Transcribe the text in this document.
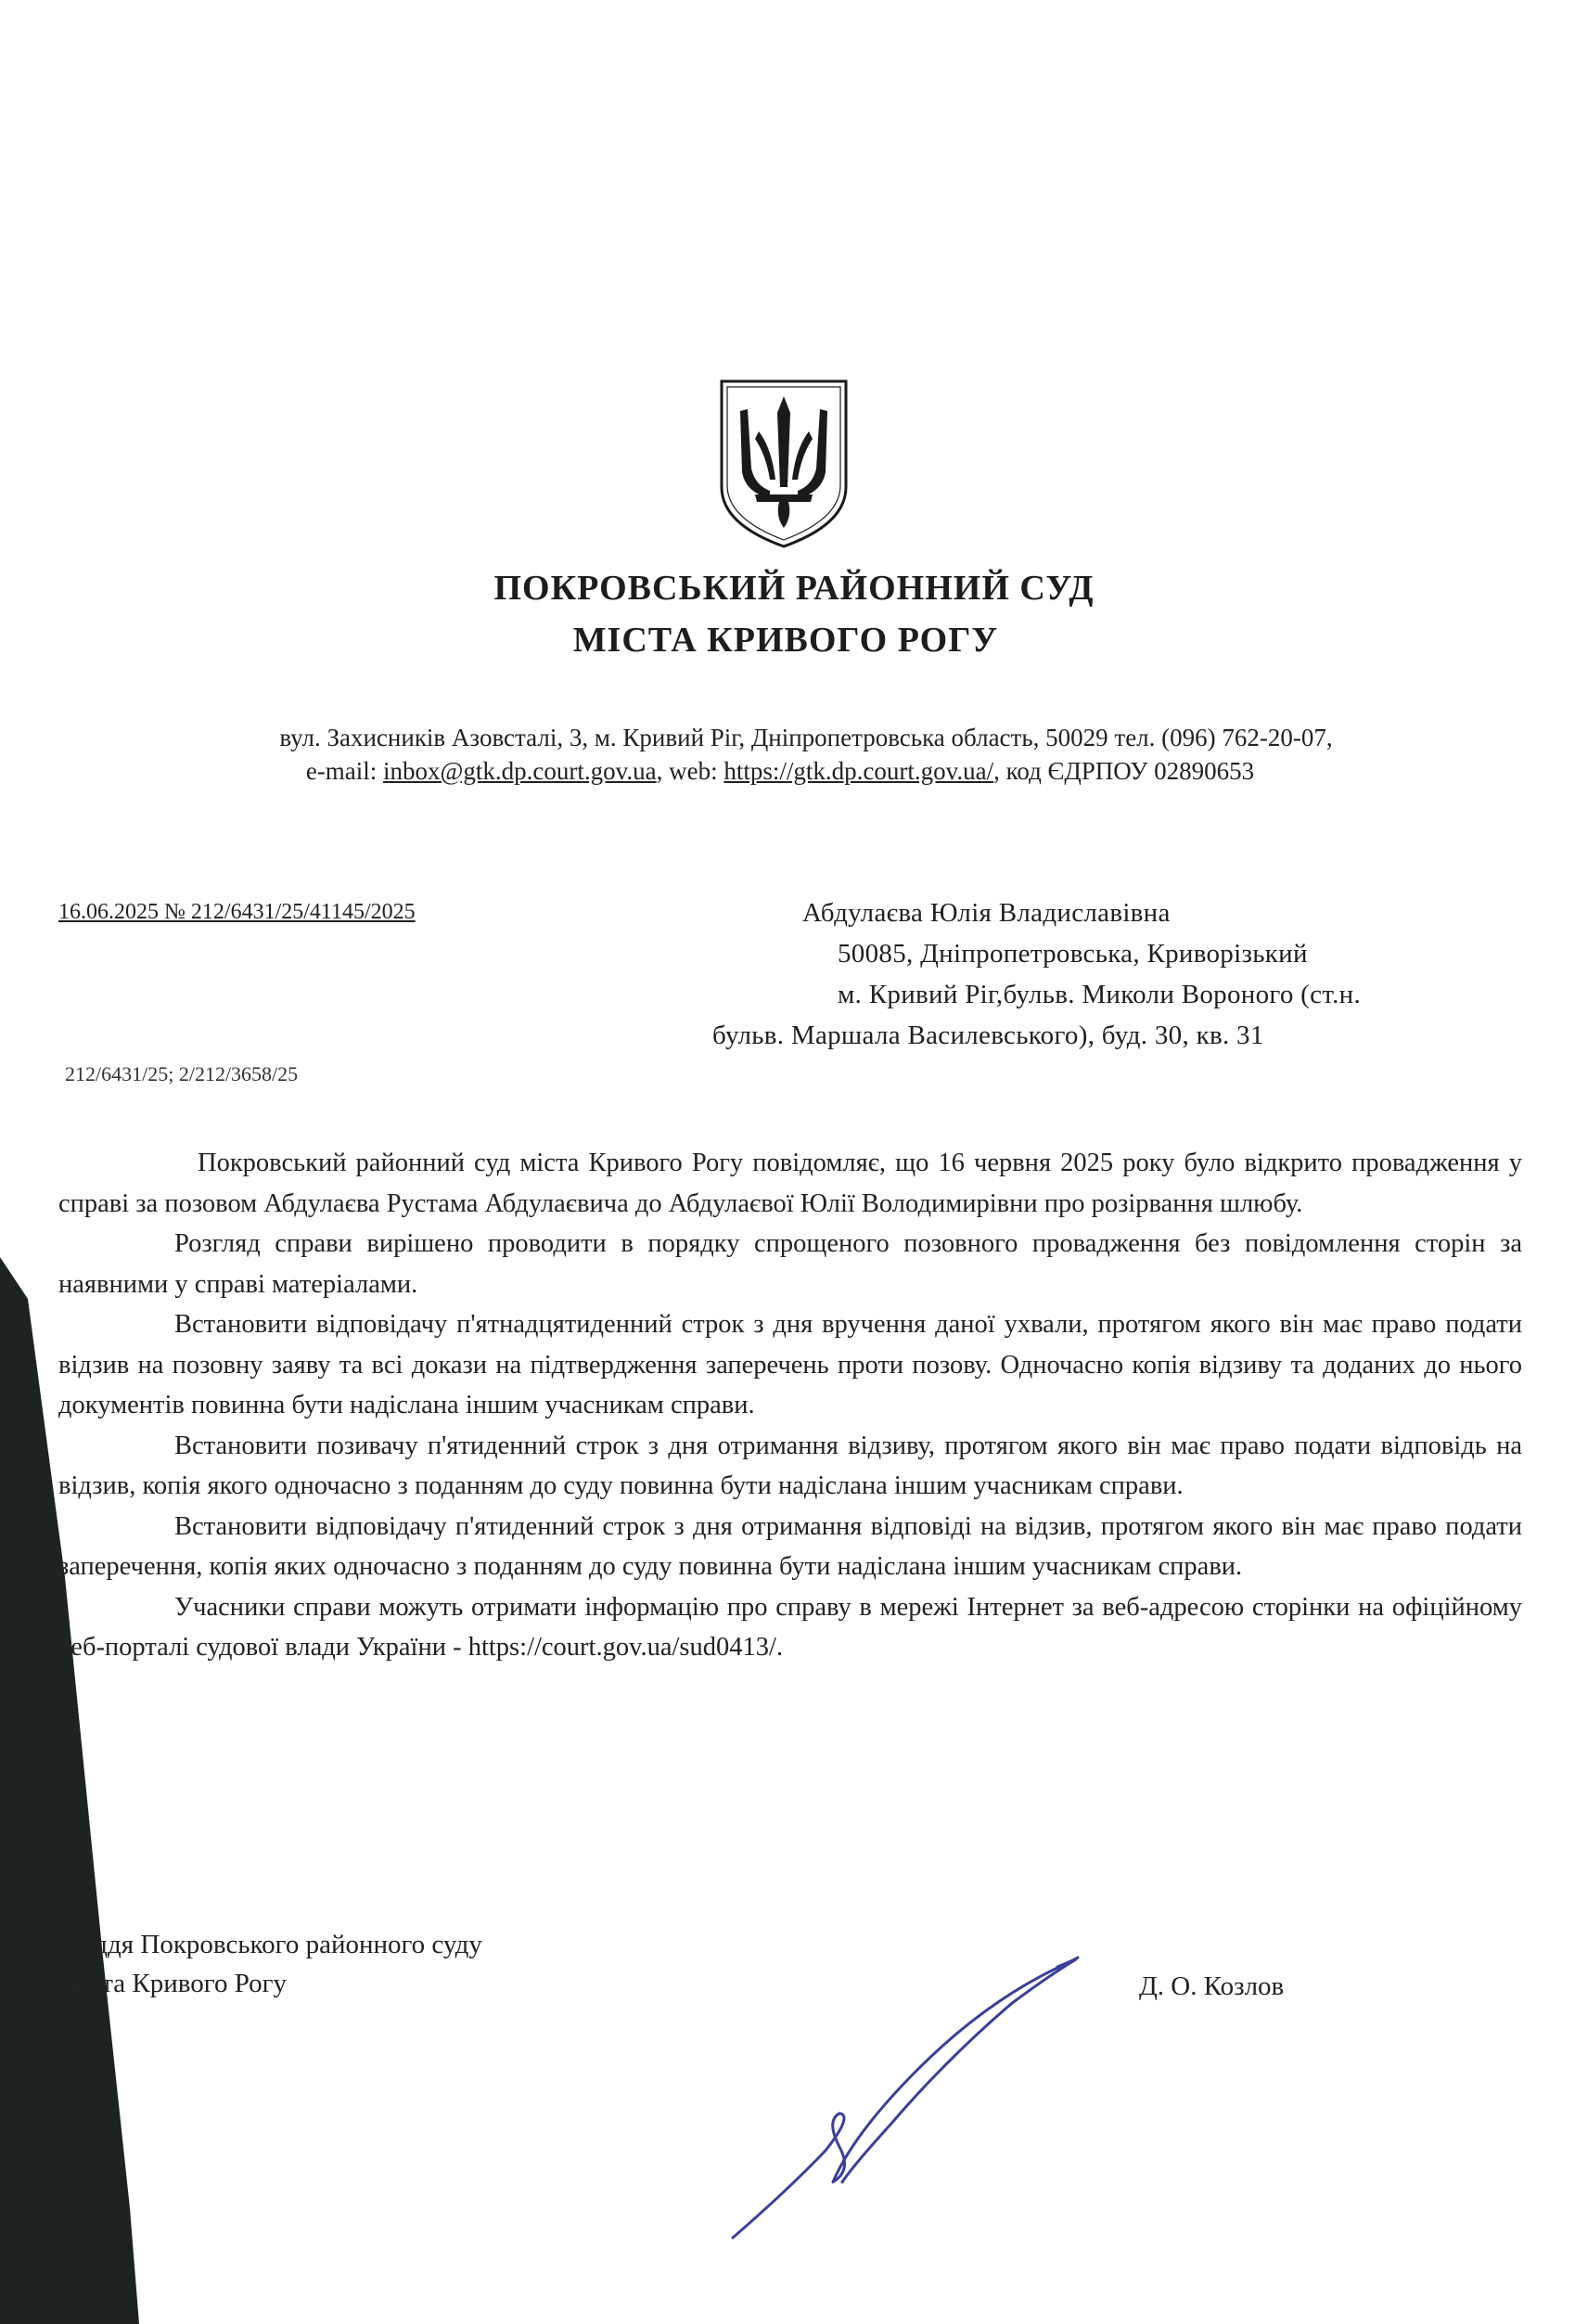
ПОКРОВСЬКИЙ РАЙОННИЙ СУД
МІСТА КРИВОГО РОГУ
вул. Захисників Азовсталі, 3, м. Кривий Ріг, Дніпропетровська область, 50029 тел. (096) 762-20-07,
e-mail: inbox@gtk.dp.court.gov.ua, web: https://gtk.dp.court.gov.ua/, код ЄДРПОУ 02890653
16.06.2025 № 212/6431/25/41145/2025
212/6431/25; 2/212/3658/25
Абдулаєва Юлія Владиславівна
50085, Дніпропетровська, Криворізький
м. Кривий Ріг,бульв. Миколи Вороного (ст.н.
бульв. Маршала Василевського), буд. 30, кв. 31

Покровський районний суд міста Кривого Рогу повідомляє, що 16 червня 2025 року було відкрито провадження у справі за позовом Абдулаєва Рустама Абдулаєвича до Абдулаєвої Юлії Володимирівни про розірвання шлюбу.

Розгляд справи вирішено проводити в порядку спрощеного позовного провадження без повідомлення сторін за наявними у справі матеріалами.

Встановити відповідачу п'ятнадцятиденний строк з дня вручення даної ухвали, протягом якого він має право подати відзив на позовну заяву та всі докази на підтвердження заперечень проти позову. Одночасно копія відзиву та доданих до нього документів повинна бути надіслана іншим учасникам справи.

Встановити позивачу п'ятиденний строк з дня отримання відзиву, протягом якого він має право подати відповідь на відзив, копія якого одночасно з поданням до суду повинна бути надіслана іншим учасникам справи.

Встановити відповідачу п'ятиденний строк з дня отримання відповіді на відзив, протягом якого він має право подати заперечення, копія яких одночасно з поданням до суду повинна бути надіслана іншим учасникам справи.

Учасники справи можуть отримати інформацію про справу в мережі Інтернет за веб-адресою сторінки на офіційному веб-порталі судової влади України - https://court.gov.ua/sud0413/.

Суддя Покровського районного суду
міста Кривого Рогу	Д. О. Козлов
